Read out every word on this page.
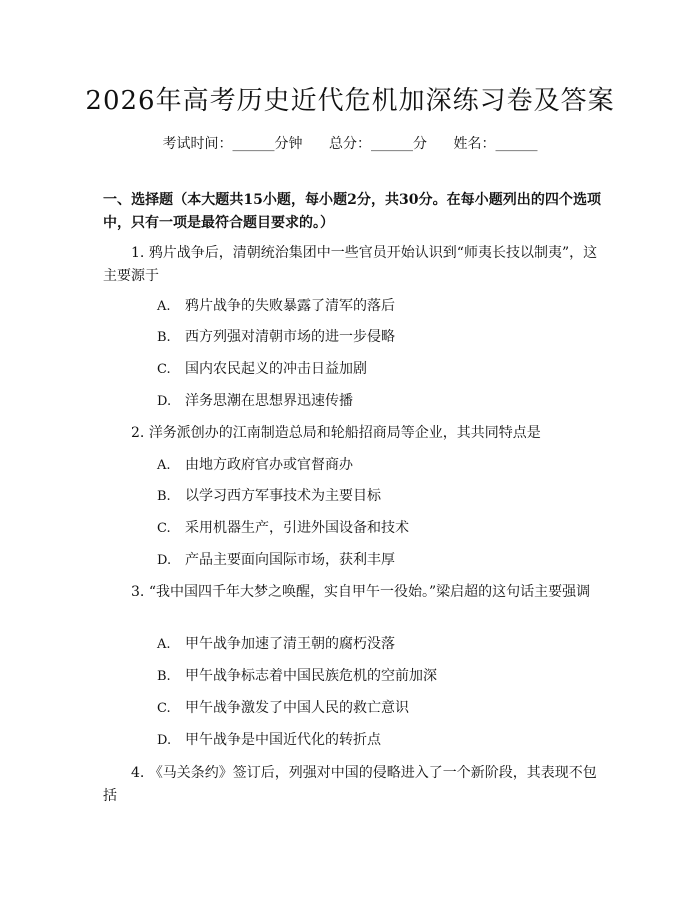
2026年高考历史近代危机加深练习卷及答案
考试时间：______分钟 总分：______分 姓名：______
一、选择题（本大题共15小题，每小题2分，共30分。在每小题列出的四个选项中，只有一项是最符合题目要求的。）
1. 鸦片战争后，清朝统治集团中一些官员开始认识到“师夷长技以制夷”，这主要源于
A. 鸦片战争的失败暴露了清军的落后
B. 西方列强对清朝市场的进一步侵略
C. 国内农民起义的冲击日益加剧
D. 洋务思潮在思想界迅速传播
2. 洋务派创办的江南制造总局和轮船招商局等企业，其共同特点是
A. 由地方政府官办或官督商办
B. 以学习西方军事技术为主要目标
C. 采用机器生产，引进外国设备和技术
D. 产品主要面向国际市场，获利丰厚
3. “我中国四千年大梦之唤醒，实自甲午一役始。”梁启超的这句话主要强调
A. 甲午战争加速了清王朝的腐朽没落
B. 甲午战争标志着中国民族危机的空前加深
C. 甲午战争激发了中国人民的救亡意识
D. 甲午战争是中国近代化的转折点
4. 《马关条约》签订后，列强对中国的侵略进入了一个新阶段，其表现不包括
